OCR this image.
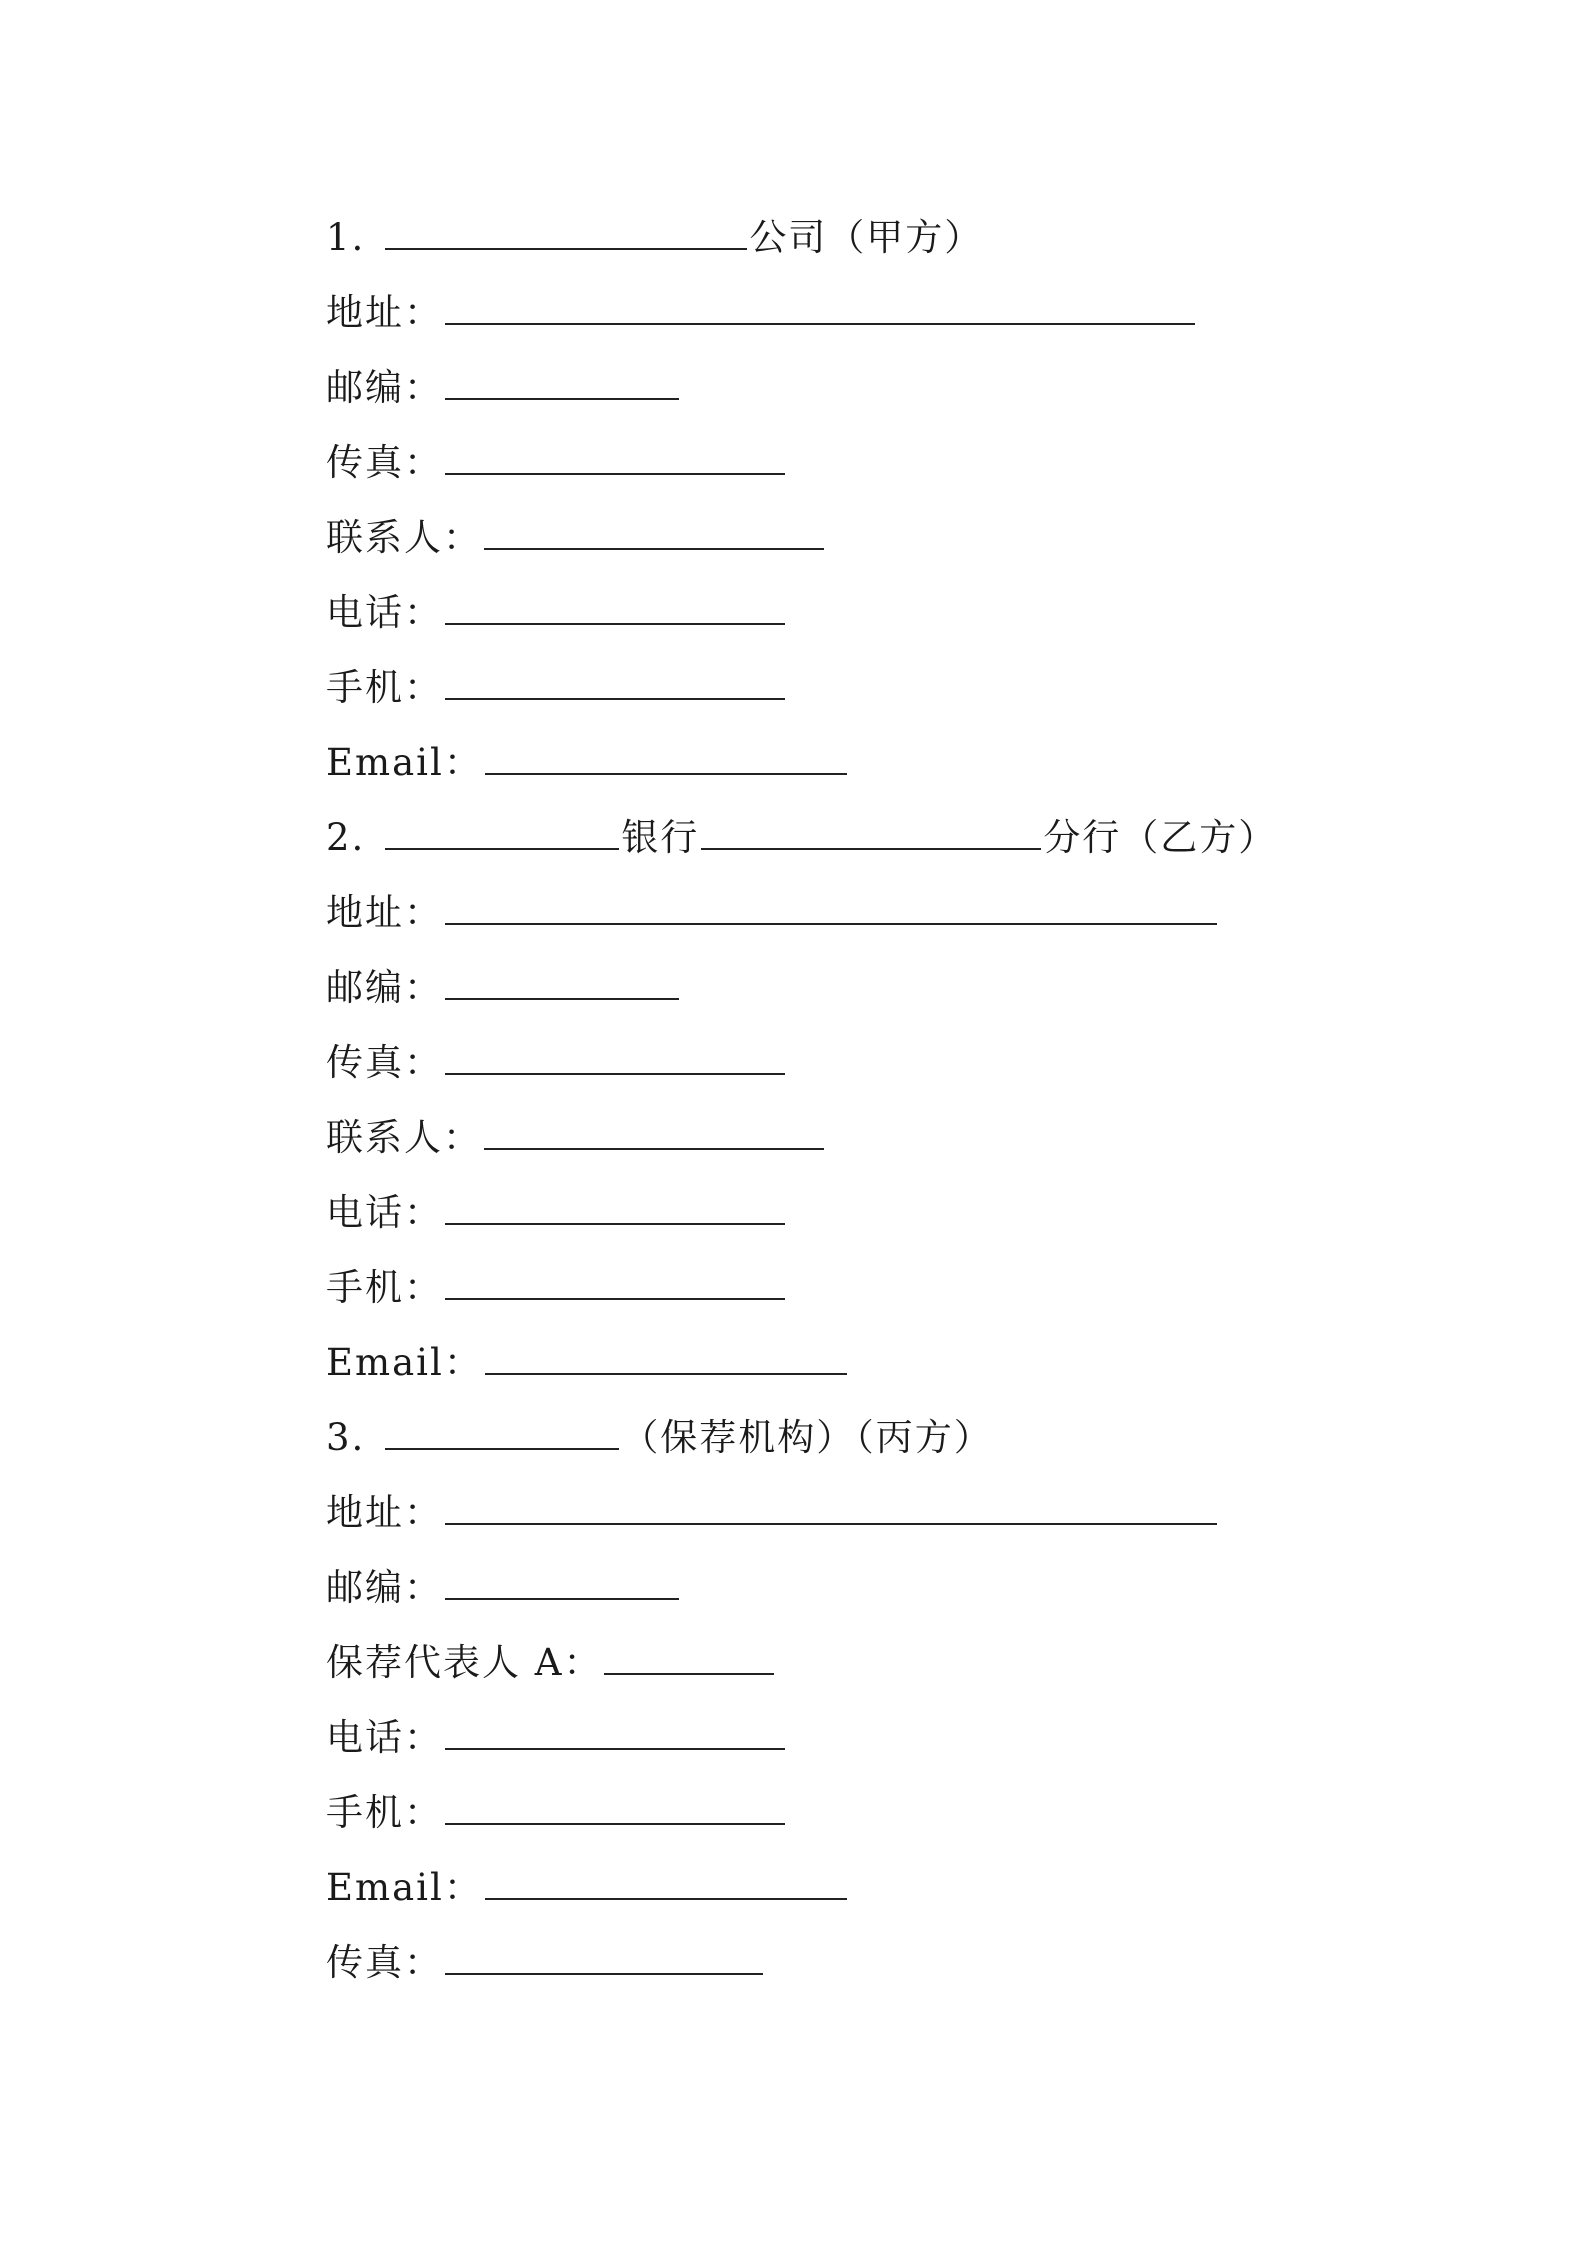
1.	公司（甲方）
地址：
邮编：
传真：
联系人：
电话：
手机：
Email：
2.	银行	分行（乙方）
地址：
邮编：
传真：
联系人：
电话：
手机：
Email：
3.	（保荐机构）（丙方）
地址：
邮编：
保荐代表人 A：
电话：
手机：
Email：
传真：
